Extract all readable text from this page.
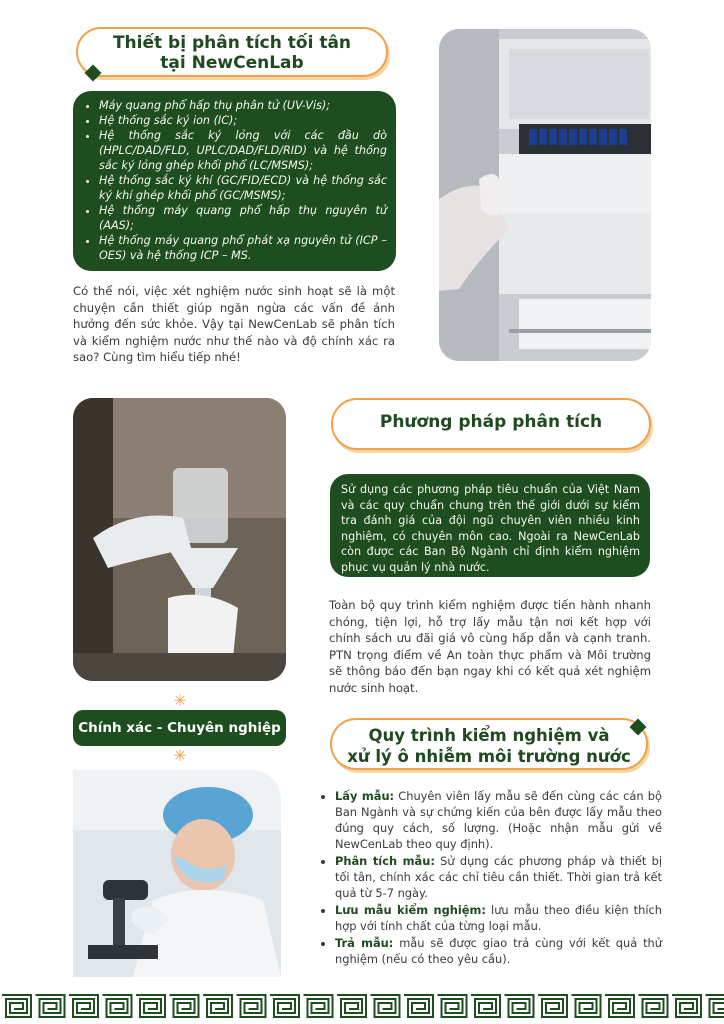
Thiết bị phân tích tối tân
tại NewCenLab
• Máy quang phổ hấp thụ phân tử (UV-Vis);
• Hệ thống sắc ký ion (IC);
• Hệ thống sắc ký lỏng với các đầu dò (HPLC/DAD/FLD, UPLC/DAD/FLD/RID) và hệ thống sắc ký lỏng ghép khối phổ (LC/MSMS);
• Hệ thống sắc ký khí (GC/FID/ECD) và hệ thống sắc ký khí ghép khối phổ (GC/MSMS);
• Hệ thống máy quang phổ hấp thụ nguyên tử (AAS);
• Hệ thống máy quang phổ phát xạ nguyên tử (ICP – OES) và hệ thống ICP – MS.
Có thể nói, việc xét nghiệm nước sinh hoạt sẽ là một chuyện cần thiết giúp ngăn ngừa các vấn đề ảnh hưởng đến sức khỏe. Vậy tại NewCenLab sẽ phân tích và kiểm nghiệm nước như thế nào và độ chính xác ra sao? Cùng tìm hiểu tiếp nhé!
Phương pháp phân tích
Sử dụng các phương pháp tiêu chuẩn của Việt Nam và các quy chuẩn chung trên thế giới dưới sự kiểm tra đánh giá của đội ngũ chuyên viên nhiều kinh nghiệm, có chuyên môn cao. Ngoài ra NewCenLab còn được các Ban Bộ Ngành chỉ định kiểm nghiệm phục vụ quản lý nhà nước.
Toàn bộ quy trình kiểm nghiệm được tiến hành nhanh chóng, tiện lợi, hỗ trợ lấy mẫu tận nơi kết hợp với chính sách ưu đãi giá vô cùng hấp dẫn và cạnh tranh. PTN trọng điểm về An toàn thực phẩm và Môi trường sẽ thông báo đến bạn ngay khi có kết quả xét nghiệm nước sinh hoạt.
✳
Chính xác - Chuyên nghiệp
✳
Quy trình kiểm nghiệm và
xử lý ô nhiễm môi trường nước
• Lấy mẫu: Chuyên viên lấy mẫu sẽ đến cùng các cán bộ Ban Ngành và sự chứng kiến của bên được lấy mẫu theo đúng quy cách, số lượng. (Hoặc nhận mẫu gửi về NewCenLab theo quy định).
• Phân tích mẫu: Sử dụng các phương pháp và thiết bị tối tân, chính xác các chỉ tiêu cần thiết. Thời gian trả kết quả từ 5-7 ngày.
• Lưu mẫu kiểm nghiệm: lưu mẫu theo điều kiện thích hợp với tính chất của từng loại mẫu.
• Trả mẫu: mẫu sẽ được giao trả cùng với kết quả thử nghiệm (nếu có theo yêu cầu).
